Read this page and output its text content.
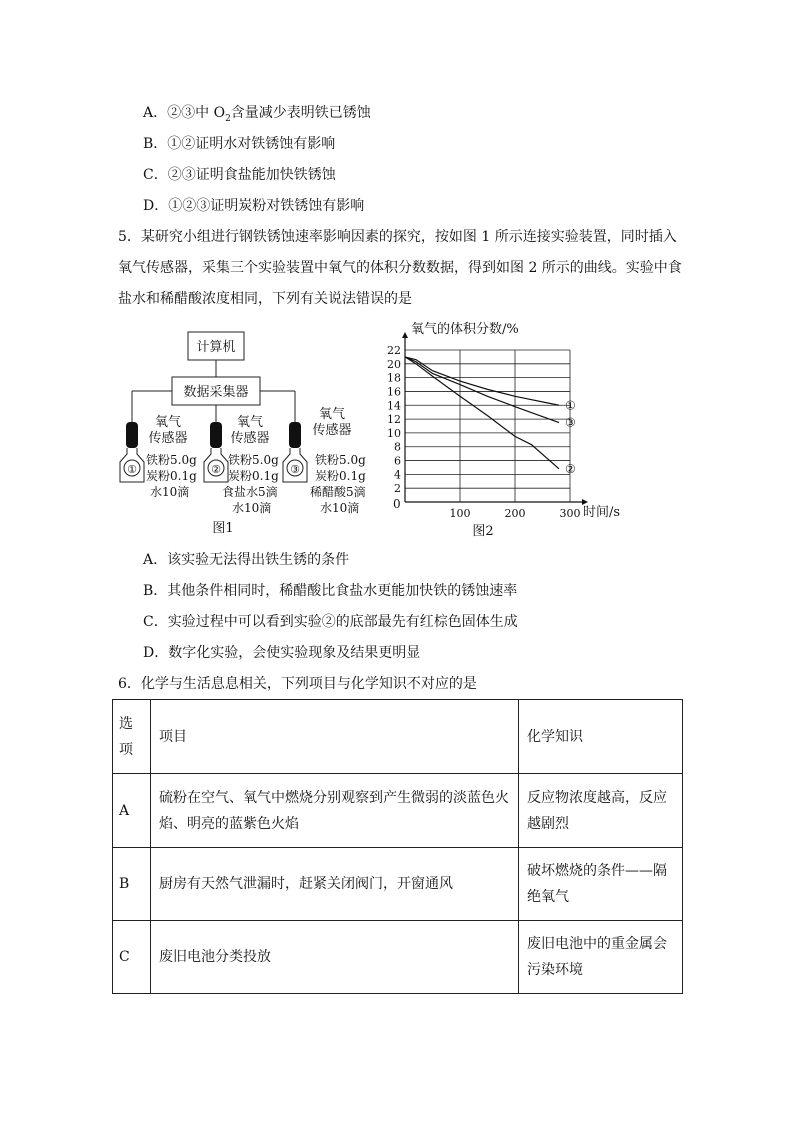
A．②③中 $O_2$含量减少表明铁已锈蚀
B．①②证明水对铁锈蚀有影响
C．②③证明食盐能加快铁锈蚀
D．①②③证明炭粉对铁锈蚀有影响
5．某研究小组进行钢铁锈蚀速率影响因素的探究，按如图 1 所示连接实验装置，同时插入
氧气传感器，采集三个实验装置中氧气的体积分数数据，得到如图 2 所示的曲线。实验中食
盐水和稀醋酸浓度相同，下列有关说法错误的是
计算机
数据采集器
氧气
传感器
①
铁粉5.0g
炭粉0.1g
水10滴
氧气
传感器
②
铁粉5.0g
炭粉0.1g
食盐水5滴
水10滴
氧气
传感器
③
铁粉5.0g
炭粉0.1g
稀醋酸5滴
水10滴
图1
氧气的体积分数/%
时间/s
0
图2
2
4
6
8
10
12
14
16
18
20
22
100	200	300
①
③
②
A．该实验无法得出铁生锈的条件
B．其他条件相同时，稀醋酸比食盐水更能加快铁的锈蚀速率
C．实验过程中可以看到实验②的底部最先有红棕色固体生成
D．数字化实验，会使实验现象及结果更明显
6．化学与生活息息相关，下列项目与化学知识不对应的是
选项	项目	化学知识
A	硫粉在空气、氧气中燃烧分别观察到产生微弱的淡蓝色火焰、明亮的蓝紫色火焰	反应物浓度越高，反应越剧烈
B	厨房有天然气泄漏时，赶紧关闭阀门，开窗通风	破坏燃烧的条件——隔绝氧气
C	废旧电池分类投放	废旧电池中的重金属会污染环境
